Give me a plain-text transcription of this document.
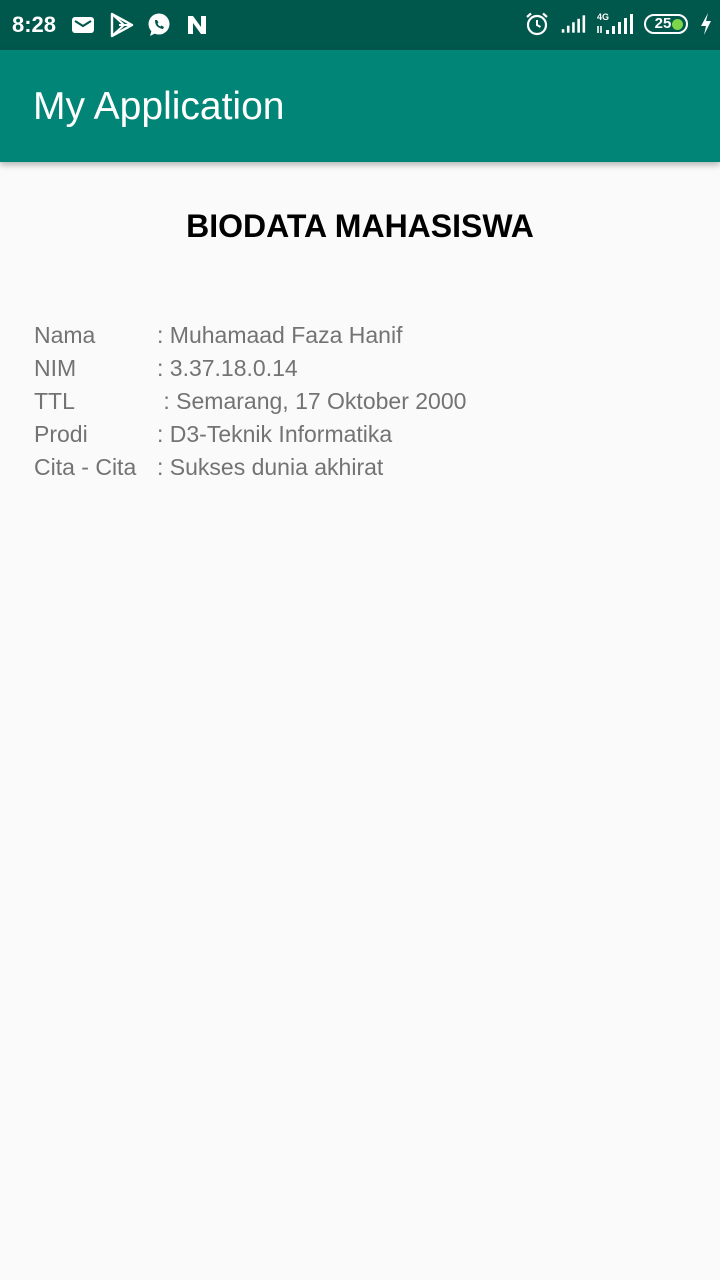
8:28	4G	25
My Application
BIODATA MAHASISWA
Nama	: Muhamaad Faza Hanif
NIM	: 3.37.18.0.14
TTL	: Semarang, 17 Oktober 2000
Prodi	: D3-Teknik Informatika
Cita - Cita : Sukses dunia akhirat
